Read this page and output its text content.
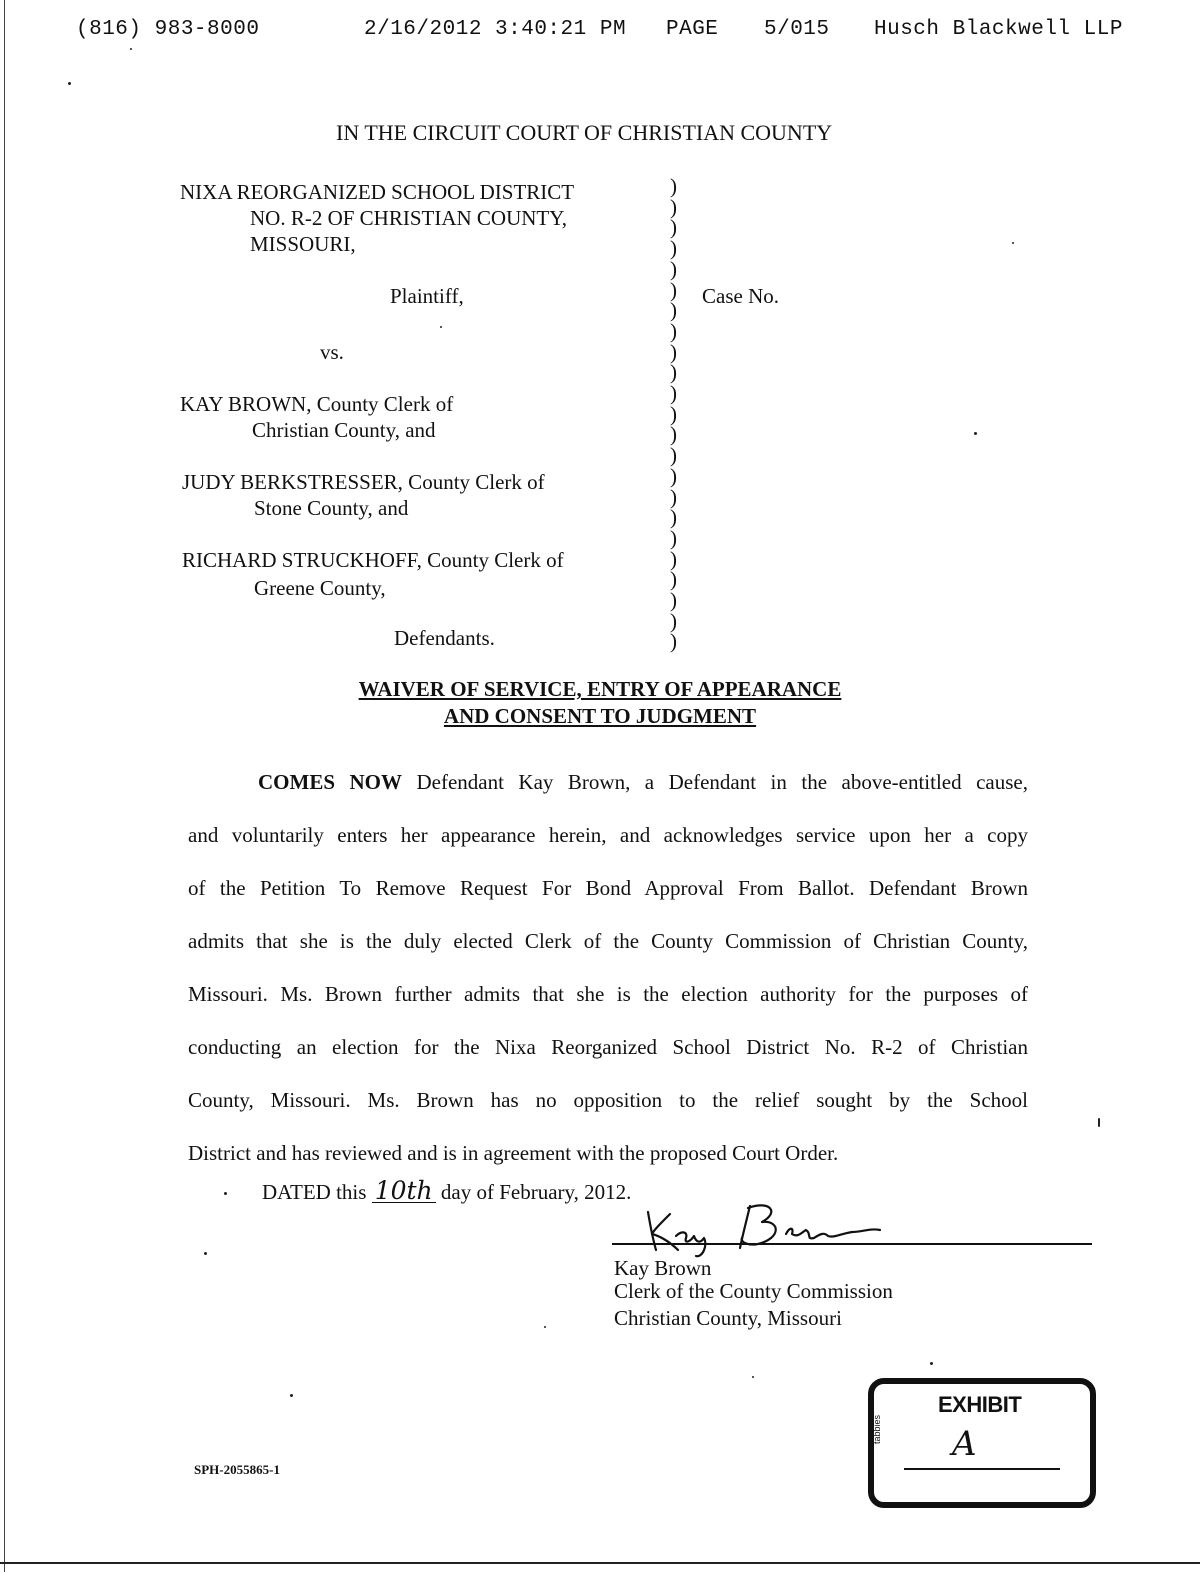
(816) 983-8000	2/16/2012 3:40:21 PM PAGE 5/015 Husch Blackwell LLP
IN THE CIRCUIT COURT OF CHRISTIAN COUNTY
NIXA REORGANIZED SCHOOL DISTRICT
NO. R-2 OF CHRISTIAN COUNTY,
MISSOURI,
Plaintiff,
vs.
KAY BROWN, County Clerk of
Christian County, and
JUDY BERKSTRESSER, County Clerk of
Stone County, and
RICHARD STRUCKHOFF, County Clerk of
Greene County,
Defendants.
Case No.
)
)
)
)
)
)
)
)
)
)
)
)
)
)
)
)
)
)
)
)
)
)
)
WAIVER OF SERVICE, ENTRY OF APPEARANCE
AND CONSENT TO JUDGMENT
COMES NOW Defendant Kay Brown, a Defendant in the above-entitled cause,
and voluntarily enters her appearance herein, and acknowledges service upon her a copy
of the Petition To Remove Request For Bond Approval From Ballot. Defendant Brown
admits that she is the duly elected Clerk of the County Commission of Christian County,
Missouri. Ms. Brown further admits that she is the election authority for the purposes of
conducting an election for the Nixa Reorganized School District No. R-2 of Christian
County, Missouri. Ms. Brown has no opposition to the relief sought by the School
District and has reviewed and is in agreement with the proposed Court Order.
DATED this 10th day of February, 2012.
Kay Brown
Clerk of the County Commission
Christian County, Missouri
EXHIBIT
tabbies A
SPH-2055865-1
